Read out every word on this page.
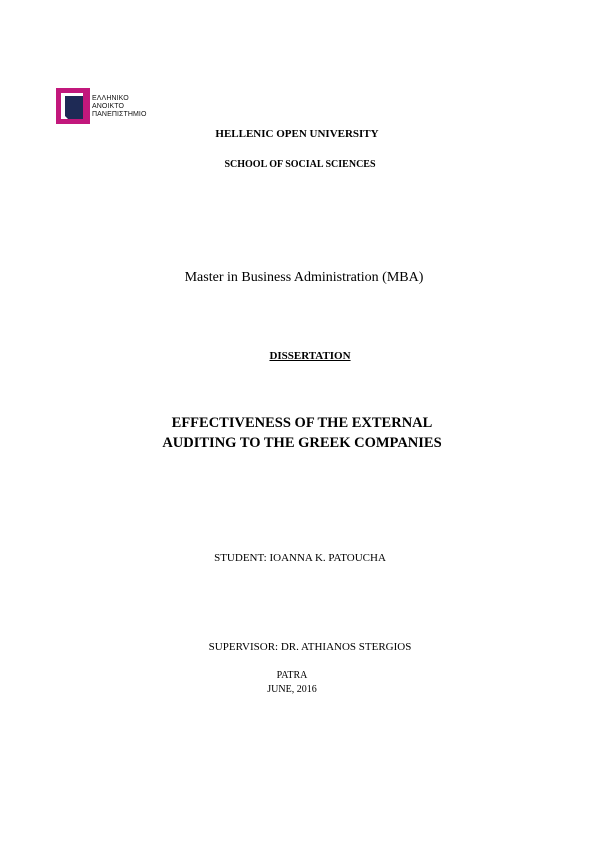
ΕΛΛΗΝΙΚΟ
ΑΝΟΙΚΤΟ
ΠΑΝΕΠΙΣΤΗΜΙΟ
HELLENIC OPEN UNIVERSITY
SCHOOL OF SOCIAL SCIENCES
Master in Business Administration (MBA)
DISSERTATION
EFFECTIVENESS OF THE EXTERNAL
AUDITING TO THE GREEK COMPANIES
STUDENT: IOANNA K. PATOUCHA
SUPERVISOR: DR. ATHIANOS STERGIOS
PATRA
JUNE, 2016
